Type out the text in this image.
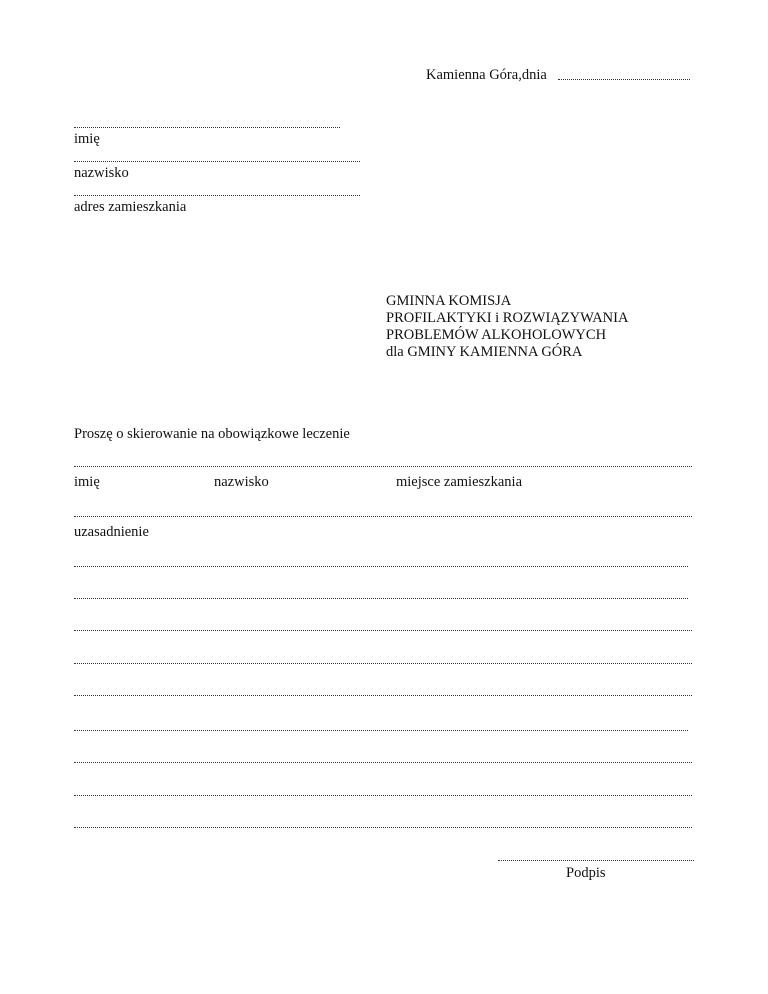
Kamienna Góra,dnia
imię
nazwisko
adres zamieszkania
GMINNA KOMISJA
PROFILAKTYKI i ROZWIĄZYWANIA
PROBLEMÓW ALKOHOLOWYCH
dla GMINY KAMIENNA GÓRA
Proszę o skierowanie na obowiązkowe leczenie
imię	nazwisko	miejsce zamieszkania
uzasadnienie
Podpis
